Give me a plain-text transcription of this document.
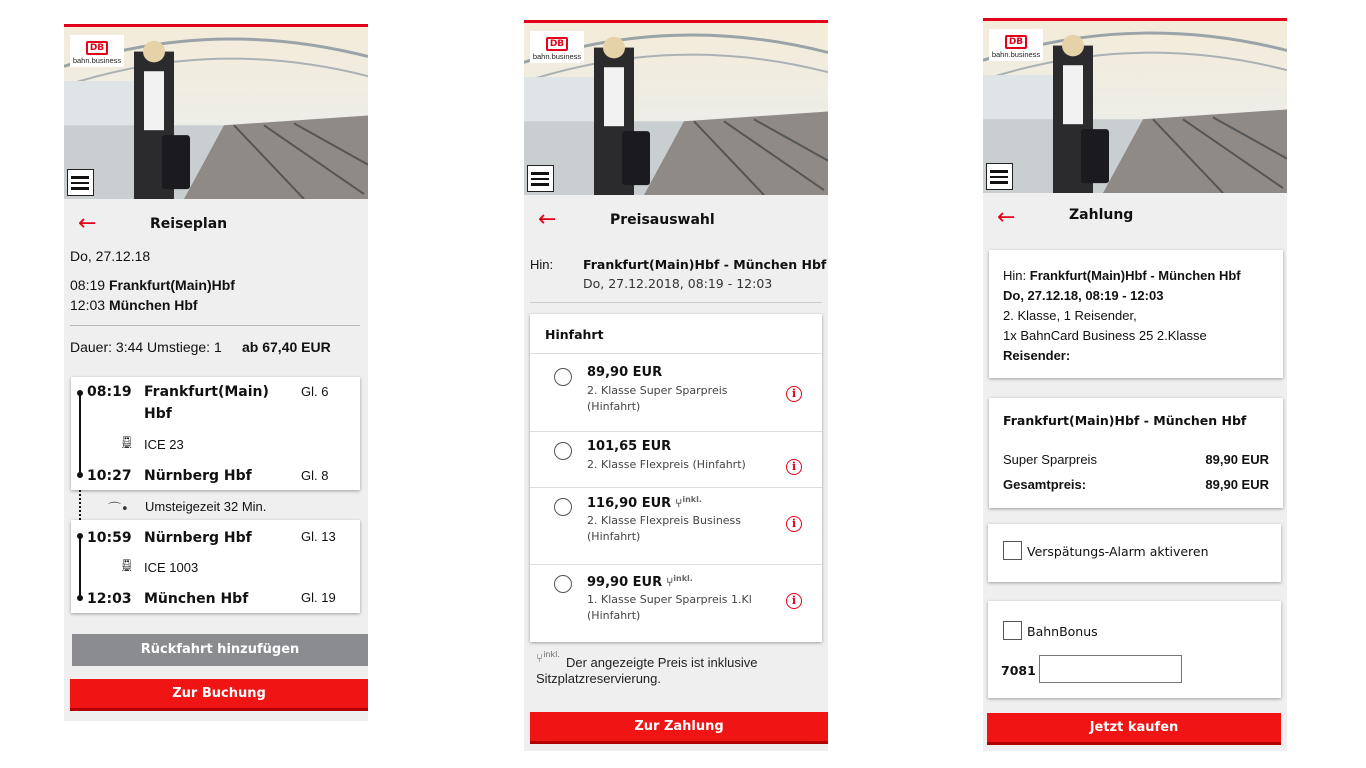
DB
bahn.business
←	Reiseplan
Do, 27.12.18
08:19 Frankfurt(Main)Hbf
12:03 München Hbf
Dauer: 3:44 Umstiege: 1 ab 67,40 EUR
08:19 Frankfurt(Main) Hbf
Gl. 6
🚆︎ ICE 23
10:27 Nürnberg Hbf	Gl. 8
⌒• Umsteigezeit 32 Min.
10:59 Nürnberg Hbf	Gl. 13
🚆︎ ICE 1003
12:03 München Hbf	Gl. 19
Rückfahrt hinzufügen
Zur Buchung
DB
bahn.business
←	Preisauswahl
Hin: Frankfurt(Main)Hbf - München Hbf
Do, 27.12.2018, 08:19 - 12:03
Hinfahrt
89,90 EUR
2. Klasse Super Sparpreis (Hinfahrt)
i
101,65 EUR
2. Klasse Flexpreis (Hinfahrt)	i
116,90 EUR ⑂$^{inkl.}$
2. Klasse Flexpreis Business (Hinfahrt)
i
99,90 EUR ⑂$^{inkl.}$
1. Klasse Super Sparpreis 1.Kl (Hinfahrt)
i
⑂$^{inkl.}$
Der angezeigte Preis ist inklusive Sitzplatzreservierung.
Zur Zahlung
DB
bahn.business
←	Zahlung
Hin: Frankfurt(Main)Hbf - München Hbf
Do, 27.12.18, 08:19 - 12:03
2. Klasse, 1 Reisender,
1x BahnCard Business 25 2.Klasse
Reisender:
Frankfurt(Main)Hbf - München Hbf
Super Sparpreis	89,90 EUR
Gesamtpreis:	89,90 EUR
Verspätungs-Alarm aktiveren
BahnBonus
7081
Jetzt kaufen
